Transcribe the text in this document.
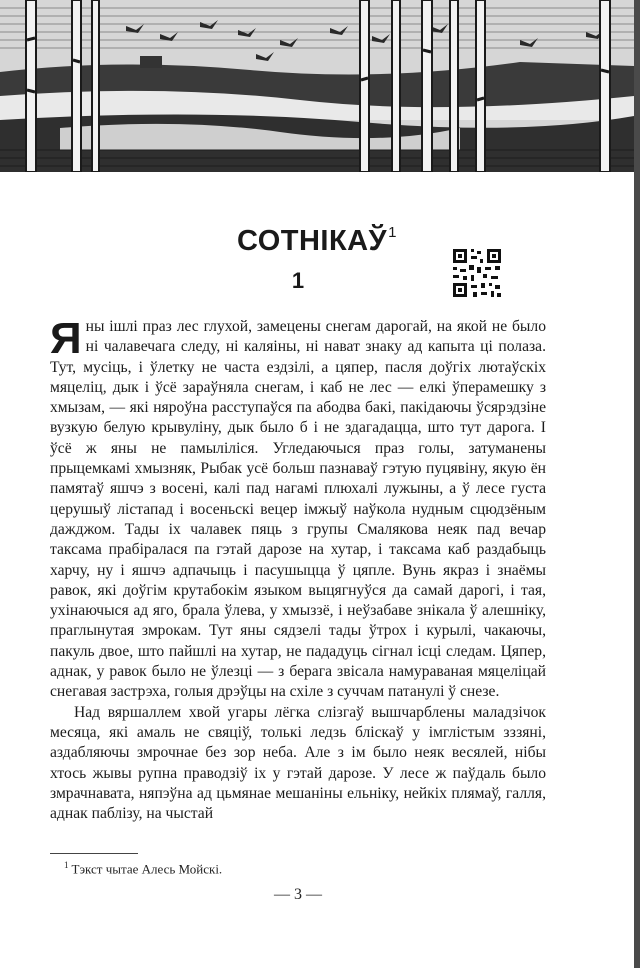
СОТНІКАЎ$^1$
1

Яны ішлі праз лес глухой, замецены снегам дарогай, на якой не было ні чалавечага следу, ні каляіны, ні нават знаку ад капыта ці полаза. Тут, мусіць, і ўлетку не часта ездзілі, а цяпер, пасля доўгіх лютаўскіх мяцеліц, дык і ўсё зараўняла снегам, і каб не лес — елкі ўперамешку з хмызам, — які няроўна расступаўся па абодва бакі, пакідаючы ўсярэдзіне вузкую белую крывуліну, дык было б і не здагадацца, што тут дарога. І ўсё ж яны не памыліліся. Угледаючыся праз голы, затуманены прыцемкамі хмызняк, Рыбак усё больш пазнаваў гэтую пуцявіну, якую ён памятаў яшчэ з восені, калі пад нагамі плюхалі лужыны, а ў лесе густа церушыў лістапад і восеньскі вецер імжыў наўкола нудным сцюдзёным дажджом. Тады іх чалавек пяць з групы Смалякова неяк пад вечар таксама прабіралася па гэтай дарозе на хутар, і таксама каб раздабыць харчу, ну і яшчэ адпачыць і пасушыцца ў цяпле. Вунь якраз і знаёмы равок, які доўгім крутабокім языком выцягнуўся да самай дарогі, і тая, ухінаючыся ад яго, брала ўлева, у хмыззё, і неўзабаве знікала ў алешніку, праглынутая змрокам. Тут яны сядзелі тады ўтрох і курылі, чакаючы, пакуль двое, што пайшлі на хутар, не пададуць сігнал ісці следам. Цяпер, аднак, у равок было не ўлезці — з берага звісала намураваная мяцеліцай снегавая застрэха, голыя дрэўцы на схіле з суччам патанулі ў снезе.

Над вяршаллем хвой угары лёгка слізгаў вышчарблены маладзічок месяца, які амаль не свяціў, толькі ледзь бліскаў у імглістым зззяні, аздабляючы змрочнае без зор неба. Але з ім было неяк весялей, нібы хтось жывы рупна праводзіў іх у гэтай дарозе. У лесе ж паўдаль было змрачнавата, няпэўна ад цьмянае мешаніны ельніку, нейкіх плямаў, галля, аднак паблізу, на чыстай

$^1$ Тэкст чытае Алесь Мойскі.
— 3 —
